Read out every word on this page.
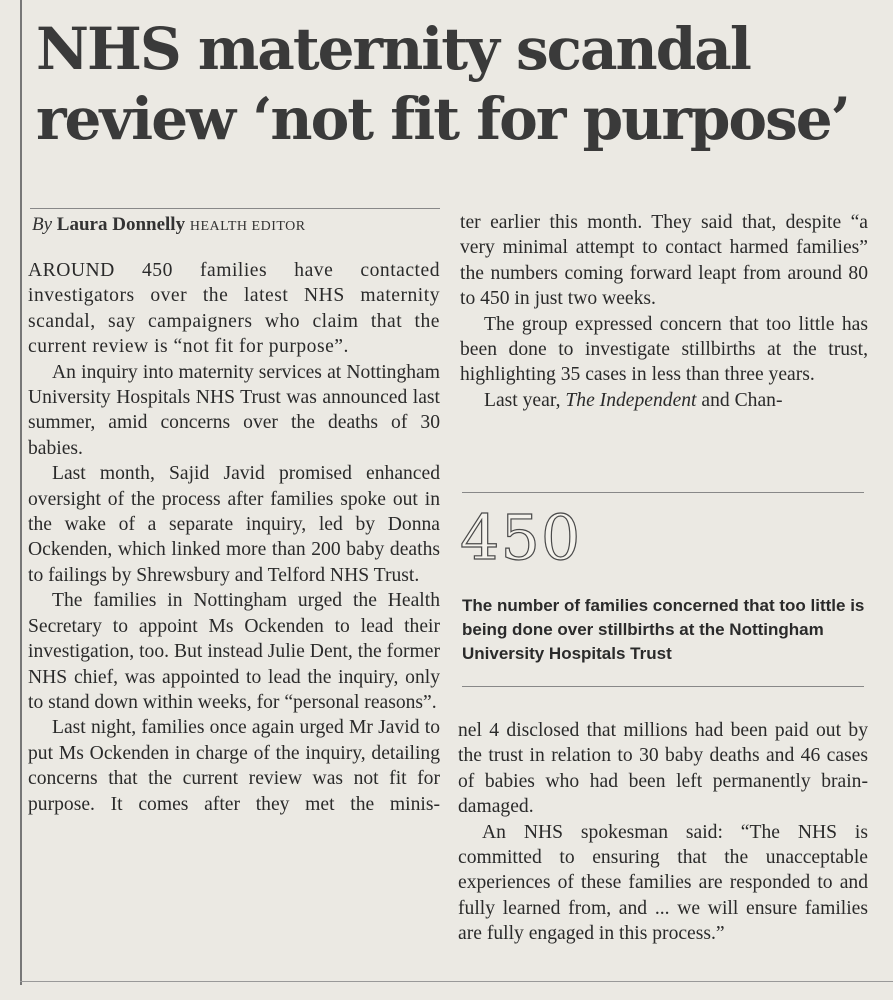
NHS maternity scandal
review ‘not fit for purpose’
By Laura Donnelly HEALTH EDITOR

AROUND 450 families have contacted investigators over the latest NHS maternity scandal, say campaigners who claim that the current review is “not fit for purpose”.

An inquiry into maternity services at Nottingham University Hospitals NHS Trust was announced last summer, amid concerns over the deaths of 30 babies.

Last month, Sajid Javid promised enhanced oversight of the process after families spoke out in the wake of a separate inquiry, led by Donna Ockenden, which linked more than 200 baby deaths to failings by Shrewsbury and Telford NHS Trust.

The families in Nottingham urged the Health Secretary to appoint Ms Ockenden to lead their investigation, too. But instead Julie Dent, the former NHS chief, was appointed to lead the inquiry, only to stand down within weeks, for “personal reasons”.

Last night, families once again urged Mr Javid to put Ms Ockenden in charge of the inquiry, detailing concerns that the current review was not fit for purpose. It comes after they met the minis-

ter earlier this month. They said that, despite “a very minimal attempt to contact harmed families” the numbers coming forward leapt from around 80 to 450 in just two weeks.

The group expressed concern that too little has been done to investigate stillbirths at the trust, highlighting 35 cases in less than three years.

Last year, The Independent and Chan-

450
The number of families concerned that too little is being done over stillbirths at the Nottingham University Hospitals Trust

nel 4 disclosed that millions had been paid out by the trust in relation to 30 baby deaths and 46 cases of babies who had been left permanently brain-damaged.

An NHS spokesman said: “The NHS is committed to ensuring that the unacceptable experiences of these families are responded to and fully learned from, and ... we will ensure families are fully engaged in this process.”
